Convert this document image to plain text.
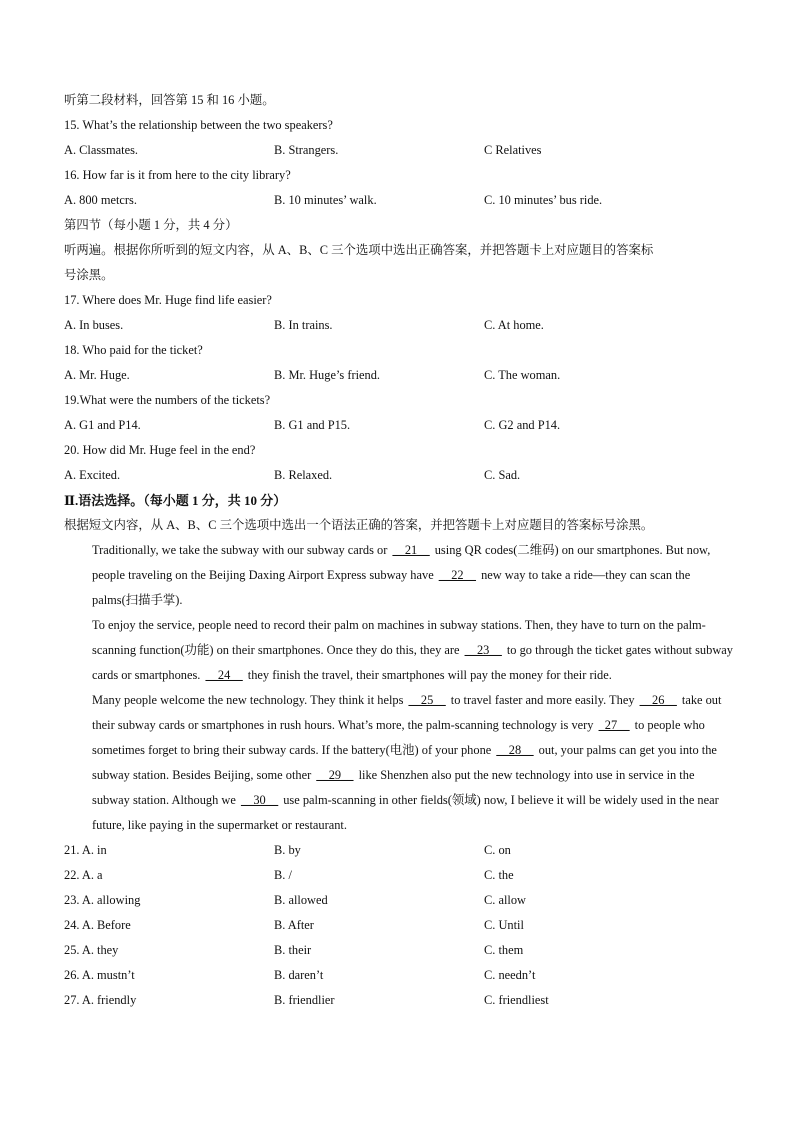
听第二段材料，回答第 15 和 16 小题。
15. What’s the relationship between the two speakers?
A. Classmates.	B. Strangers.	C Relatives
16. How far is it from here to the city library?
A. 800 metcrs.	B. 10 minutes’ walk.	C. 10 minutes’ bus ride.
第四节（每小题 1 分，共 4 分）
听两遍。根据你所听到的短文内容，从 A、B、C 三个选项中选出正确答案，并把答题卡上对应题目的答案标
号涂黑。
17. Where does Mr. Huge find life easier?
A. In buses.	B. In trains.	C. At home.
18. Who paid for the ticket?
A. Mr. Huge.	B. Mr. Huge’s friend.	C. The woman.
19.What were the numbers of the tickets?
A. G1 and P14.	B. G1 and P15.	C. G2 and P14.
20. How did Mr. Huge feel in the end?
A. Excited.	B. Relaxed.	C. Sad.
Ⅱ.语法选择。（每小题 1 分，共 10 分）
根据短文内容，从 A、B、C 三个选项中选出一个语法正确的答案，并把答题卡上对应题目的答案标号涂黑。

Traditionally, we take the subway with our subway cards or __21__ using QR codes(二维码) on our smartphones. But now, people traveling on the Beijing Daxing Airport Express subway have __22__ new way to take a ride—they can scan the palms(扫描手掌).

To enjoy the service, people need to record their palm on machines in subway stations. Then, they have to turn on the palm-scanning function(功能) on their smartphones. Once they do this, they are __23__ to go through the ticket gates without subway cards or smartphones. __24__ they finish the travel, their smartphones will pay the money for their ride.

Many people welcome the new technology. They think it helps __25__ to travel faster and more easily. They __26__ take out their subway cards or smartphones in rush hours. What’s more, the palm-scanning technology is very _27__ to people who sometimes forget to bring their subway cards. If the battery(电池) of your phone __28__ out, your palms can get you into the subway station. Besides Beijing, some other __29__ like Shenzhen also put the new technology into use in service in the subway station. Although we __30__ use palm-scanning in other fields(领域) now, I believe it will be widely used in the near future, like paying in the supermarket or restaurant.

21. A. in	B. by	C. on
22. A. a	B. /	C. the
23. A. allowing	B. allowed	C. allow
24. A. Before	B. After	C. Until
25. A. they	B. their	C. them
26. A. mustn’t	B. daren’t	C. needn’t
27. A. friendly	B. friendlier	C. friendliest
